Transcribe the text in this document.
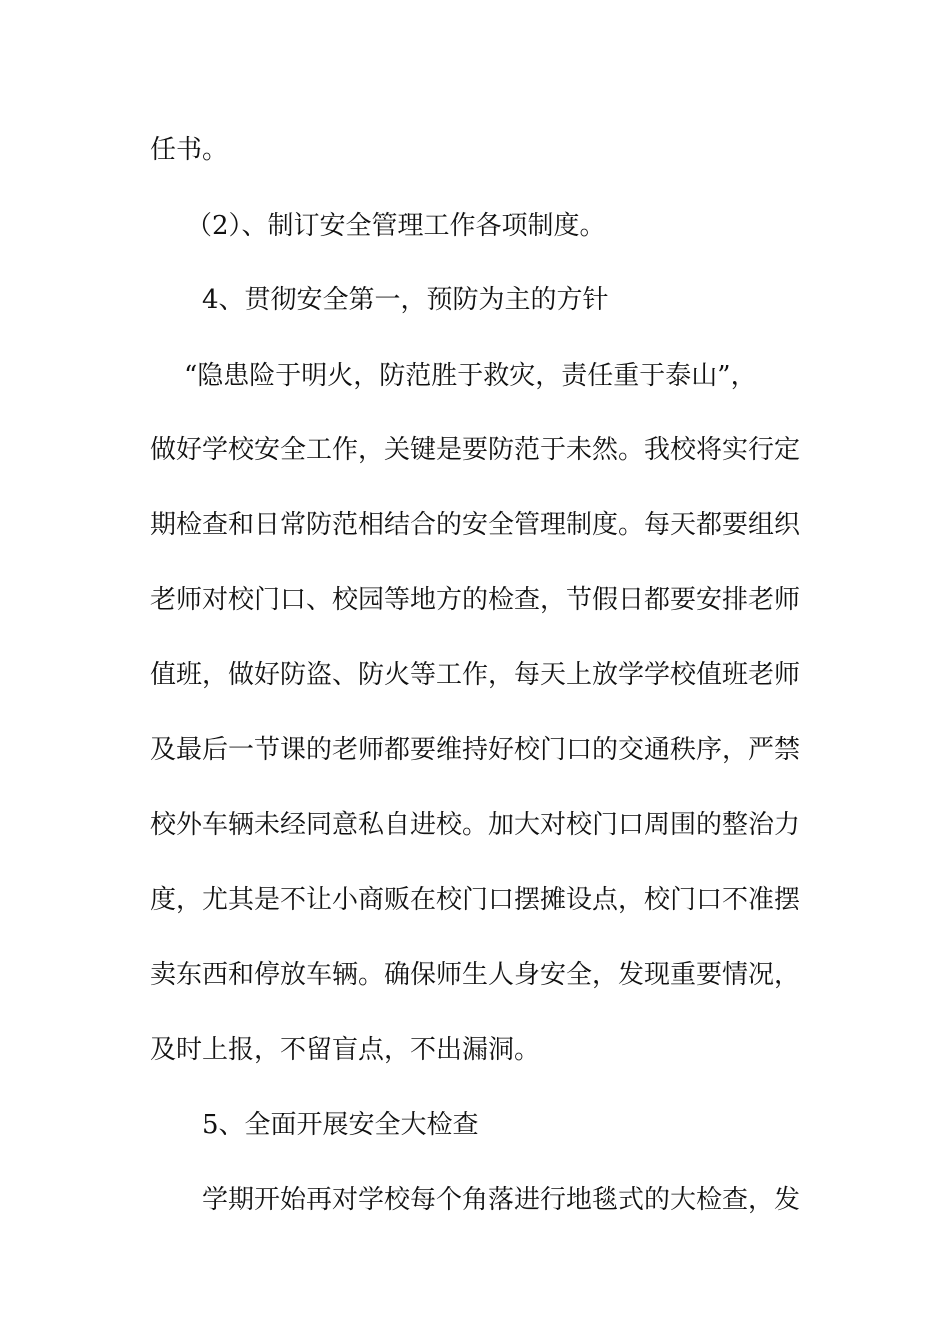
任书。
（2）、制订安全管理工作各项制度。
4、贯彻安全第一，预防为主的方针
“隐患险于明火，防范胜于救灾，责任重于泰山”，
做好学校安全工作，关键是要防范于未然。我校将实行定
期检查和日常防范相结合的安全管理制度。每天都要组织
老师对校门口、校园等地方的检查，节假日都要安排老师
值班，做好防盗、防火等工作，每天上放学学校值班老师
及最后一节课的老师都要维持好校门口的交通秩序，严禁
校外车辆未经同意私自进校。加大对校门口周围的整治力
度，尤其是不让小商贩在校门口摆摊设点，校门口不准摆
卖东西和停放车辆。确保师生人身安全，发现重要情况，
及时上报，不留盲点，不出漏洞。
5、全面开展安全大检查
学期开始再对学校每个角落进行地毯式的大检查，发
